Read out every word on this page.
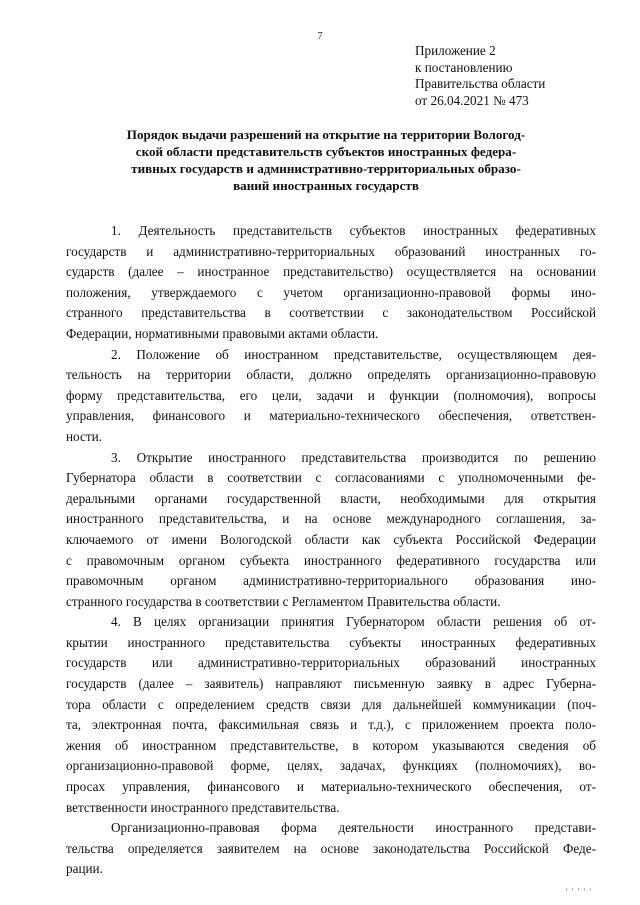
7
Приложение 2
к постановлению
Правительства области
от 26.04.2021 № 473
Порядок выдачи разрешений на открытие на территории Вологод-
ской области представительств субъектов иностранных федера-
тивных государств и административно-территориальных образо-
ваний иностранных государств
1. Деятельность представительств субъектов иностранных федеративных
государств и административно-территориальных образований иностранных го-
сударств (далее – иностранное представительство) осуществляется на основании
положения, утверждаемого с учетом организационно-правовой формы ино-
странного представительства в соответствии с законодательством Российской
Федерации, нормативными правовыми актами области.
2. Положение об иностранном представительстве, осуществляющем дея-
тельность на территории области, должно определять организационно-правовую
форму представительства, его цели, задачи и функции (полномочия), вопросы
управления, финансового и материально-технического обеспечения, ответствен-
ности.
3. Открытие иностранного представительства производится по решению
Губернатора области в соответствии с согласованиями с уполномоченными фе-
деральными органами государственной власти, необходимыми для открытия
иностранного представительства, и на основе международного соглашения, за-
ключаемого от имени Вологодской области как субъекта Российской Федерации
с правомочным органом субъекта иностранного федеративного государства или
правомочным органом административно-территориального образования ино-
странного государства в соответствии с Регламентом Правительства области.
4. В целях организации принятия Губернатором области решения об от-
крытии иностранного представительства субъекты иностранных федеративных
государств или административно-территориальных образований иностранных
государств (далее – заявитель) направляют письменную заявку в адрес Губерна-
тора области с определением средств связи для дальнейшей коммуникации (поч-
та, электронная почта, факсимильная связь и т.д.), с приложением проекта поло-
жения об иностранном представительстве, в котором указываются сведения об
организационно-правовой форме, целях, задачах, функциях (полномочиях), во-
просах управления, финансового и материально-технического обеспечения, от-
ветственности иностранного представительства.
Организационно-правовая форма деятельности иностранного представи-
тельства определяется заявителем на основе законодательства Российской Феде-
рации.
’ ' ' ' '
